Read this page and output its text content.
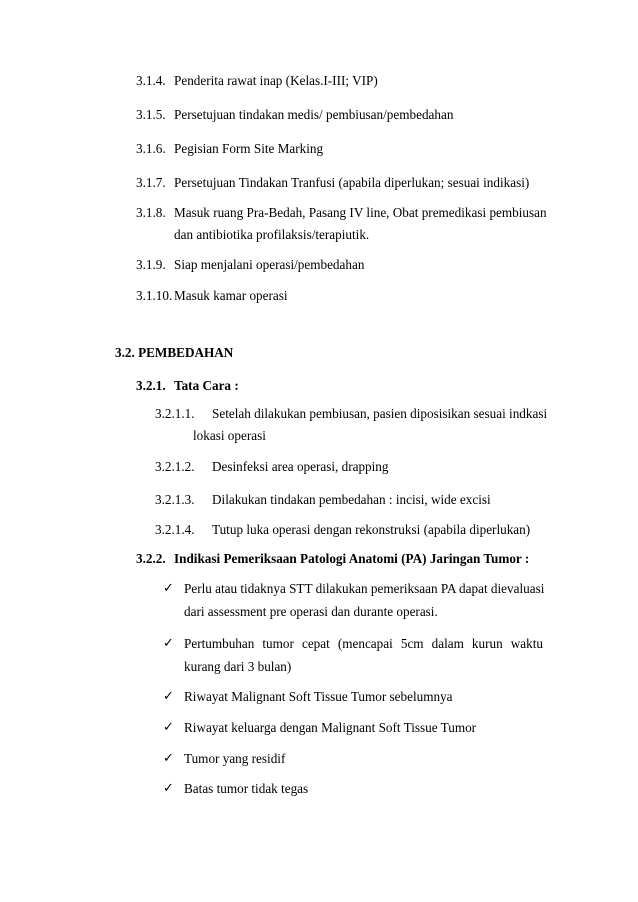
3.1.4. Penderita rawat inap (Kelas.I-III; VIP)
3.1.5. Persetujuan tindakan medis/ pembiusan/pembedahan
3.1.6. Pegisian Form Site Marking
3.1.7. Persetujuan Tindakan Tranfusi (apabila diperlukan; sesuai indikasi)
3.1.8. Masuk ruang Pra-Bedah, Pasang IV line, Obat premedikasi pembiusan
dan antibiotika profilaksis/terapiutik.
3.1.9. Siap menjalani operasi/pembedahan
3.1.10. Masuk kamar operasi
3.2. PEMBEDAHAN
3.2.1. Tata Cara :
3.2.1.1. Setelah dilakukan pembiusan, pasien diposisikan sesuai indkasi
lokasi operasi
3.2.1.2. Desinfeksi area operasi, drapping
3.2.1.3. Dilakukan tindakan pembedahan : incisi, wide excisi
3.2.1.4. Tutup luka operasi dengan rekonstruksi (apabila diperlukan)
3.2.2. Indikasi Pemeriksaan Patologi Anatomi (PA) Jaringan Tumor :
✓ Perlu atau tidaknya STT dilakukan pemeriksaan PA dapat dievaluasi
dari assessment pre operasi dan durante operasi.
✓ Pertumbuhan tumor cepat (mencapai 5cm dalam kurun waktu
kurang dari 3 bulan)
✓ Riwayat Malignant Soft Tissue Tumor sebelumnya
✓ Riwayat keluarga dengan Malignant Soft Tissue Tumor
✓ Tumor yang residif
✓ Batas tumor tidak tegas
